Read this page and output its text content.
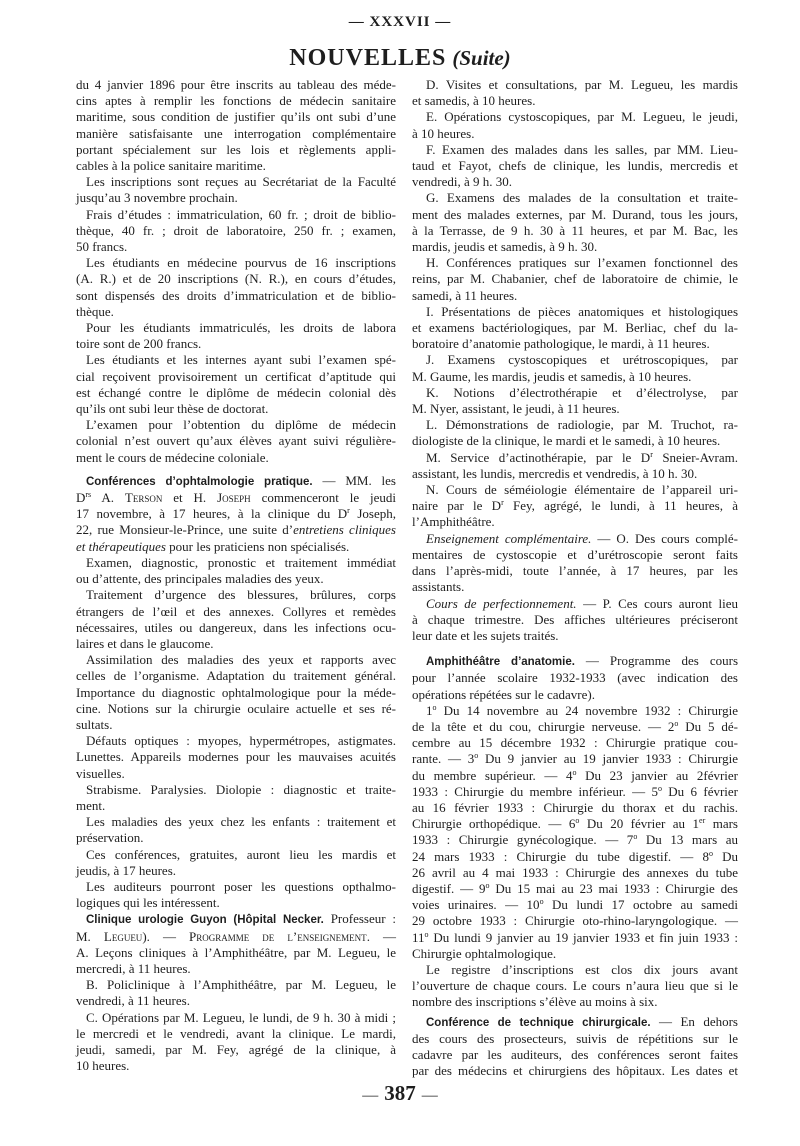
— XXXVII —
NOUVELLES (Suite)
du 4 janvier 1896 pour être inscrits au tableau des méde-
cins aptes à remplir les fonctions de médecin sanitaire
maritime, sous condition de justifier qu’ils ont subi d’une
manière satisfaisante une interrogation complémentaire
portant spécialement sur les lois et règlements appli-
cables à la police sanitaire maritime.
Les inscriptions sont reçues au Secrétariat de la Faculté
jusqu’au 3 novembre prochain.
Frais d’études : immatriculation, 60 fr. ; droit de biblio-
thèque, 40 fr. ; droit de laboratoire, 250 fr. ; examen,
50 francs.
Les étudiants en médecine pourvus de 16 inscriptions
(A. R.) et de 20 inscriptions (N. R.), en cours d’études,
sont dispensés des droits d’immatriculation et de biblio-
thèque.
Pour les étudiants immatriculés, les droits de labora
toire sont de 200 francs.
Les étudiants et les internes ayant subi l’examen spé-
cial reçoivent provisoirement un certificat d’aptitude qui
est échangé contre le diplôme de médecin colonial dès
qu’ils ont subi leur thèse de doctorat.
L’examen pour l’obtention du diplôme de médecin
colonial n’est ouvert qu’aux élèves ayant suivi régulière-
ment le cours de médecine coloniale.
Conférences d’ophtalmologie pratique. — MM. les
$D^{rs}$ A. Terson et H. Joseph commenceront le jeudi
17 novembre, à 17 heures, à la clinique du $D^r$ Joseph,
22, rue Monsieur-le-Prince, une suite d’entretiens cliniques
et thérapeutiques pour les praticiens non spécialisés.
Examen, diagnostic, pronostic et traitement immédiat
ou d’attente, des principales maladies des yeux.
Traitement d’urgence des blessures, brûlures, corps
étrangers de l’œil et des annexes. Collyres et remèdes
nécessaires, utiles ou dangereux, dans les infections ocu-
laires et dans le glaucome.
Assimilation des maladies des yeux et rapports avec
celles de l’organisme. Adaptation du traitement général.
Importance du diagnostic ophtalmologique pour la méde-
cine. Notions sur la chirurgie oculaire actuelle et ses ré-
sultats.
Défauts optiques : myopes, hypermétropes, astigmates.
Lunettes. Appareils modernes pour les mauvaises acuités
visuelles.
Strabisme. Paralysies. Diolopie : diagnostic et traite-
ment.
Les maladies des yeux chez les enfants : traitement et
préservation.
Ces conférences, gratuites, auront lieu les mardis et
jeudis, à 17 heures.
Les auditeurs pourront poser les questions opthalmo-
logiques qui les intéressent.
Clinique urologie Guyon (Hôpital Necker. Professeur :
M. Legueu). — Programme de l’enseignement. —
A. Leçons cliniques à l’Amphithéâtre, par M. Legueu, le
mercredi, à 11 heures.
B. Policlinique à l’Amphithéâtre, par M. Legueu, le
vendredi, à 11 heures.
C. Opérations par M. Legueu, le lundi, de 9 h. 30 à midi ;
le mercredi et le vendredi, avant la clinique. Le mardi,
jeudi, samedi, par M. Fey, agrégé de la clinique, à
10 heures.
D. Visites et consultations, par M. Legueu, les mardis
et samedis, à 10 heures.
E. Opérations cystoscopiques, par M. Legueu, le jeudi,
à 10 heures.
F. Examen des malades dans les salles, par MM. Lieu-
taud et Fayot, chefs de clinique, les lundis, mercredis et
vendredi, à 9 h. 30.
G. Examens des malades de la consultation et traite-
ment des malades externes, par M. Durand, tous les jours,
à la Terrasse, de 9 h. 30 à 11 heures, et par M. Bac, les
mardis, jeudis et samedis, à 9 h. 30.
H. Conférences pratiques sur l’examen fonctionnel des
reins, par M. Chabanier, chef de laboratoire de chimie, le
samedi, à 11 heures.
I. Présentations de pièces anatomiques et histologiques
et examens bactériologiques, par M. Berliac, chef du la-
boratoire d’anatomie pathologique, le mardi, à 11 heures.
J. Examens cystoscopiques et urétroscopiques, par
M. Gaume, les mardis, jeudis et samedis, à 10 heures.
K. Notions d’électrothérapie et d’électrolyse, par
M. Nyer, assistant, le jeudi, à 11 heures.
L. Démonstrations de radiologie, par M. Truchot, ra-
diologiste de la clinique, le mardi et le samedi, à 10 heures.
M. Service d’actinothérapie, par le $D^r$ Sneier-Avram.
assistant, les lundis, mercredis et vendredis, à 10 h. 30.
N. Cours de séméiologie élémentaire de l’appareil uri-
naire par le $D^r$ Fey, agrégé, le lundi, à 11 heures, à
l’Amphithéâtre.
Enseignement complémentaire. — O. Des cours complé-
mentaires de cystoscopie et d’urétroscopie seront faits
dans l’après-midi, toute l’année, à 17 heures, par les
assistants.
Cours de perfectionnement. — P. Ces cours auront lieu
à chaque trimestre. Des affiches ultérieures préciseront
leur date et les sujets traités.
Amphithéâtre d’anatomie. — Programme des cours
pour l’année scolaire 1932-1933 (avec indication des
opérations répétées sur le cadavre).
1$^o$ Du 14 novembre au 24 novembre 1932 : Chirurgie
de la tête et du cou, chirurgie nerveuse. — 2$^o$ Du 5 dé-
cembre au 15 décembre 1932 : Chirurgie pratique cou-
rante. — 3$^o$ Du 9 janvier au 19 janvier 1933 : Chirurgie
du membre supérieur. — 4$^o$ Du 23 janvier au 2février
1933 : Chirurgie du membre inférieur. — 5$^o$ Du 6 février
au 16 février 1933 : Chirurgie du thorax et du rachis.
Chirurgie orthopédique. — 6$^o$ Du 20 février au 1er mars
1933 : Chirurgie gynécologique. — 7$^o$ Du 13 mars au
24 mars 1933 : Chirurgie du tube digestif. — 8$^o$ Du
26 avril au 4 mai 1933 : Chirurgie des annexes du tube
digestif. — 9$^o$ Du 15 mai au 23 mai 1933 : Chirurgie des
voies urinaires. — 10$^o$ Du lundi 17 octobre au samedi
29 octobre 1933 : Chirurgie oto-rhino-laryngologique. —
11$^o$ Du lundi 9 janvier au 19 janvier 1933 et fin juin 1933 :
Chirurgie ophtalmologique.
Le registre d’inscriptions est clos dix jours avant
l’ouverture de chaque cours. Le cours n’aura lieu que si le
nombre des inscriptions s’élève au moins à six.
Conférence de technique chirurgicale. — En dehors
des cours des prosecteurs, suivis de répétitions sur le
cadavre par les auditeurs, des conférences seront faites
par des médecins et chirurgiens des hôpitaux. Les dates et
— 387 —
